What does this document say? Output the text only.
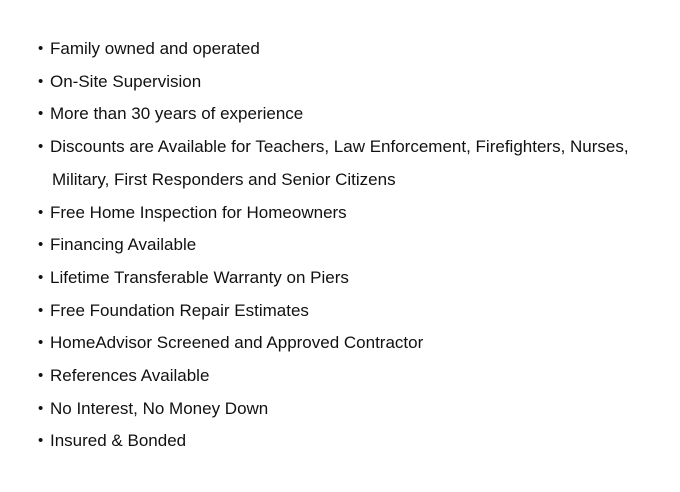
• Family owned and operated
• On-Site Supervision
• More than 30 years of experience
• Discounts are Available for Teachers, Law Enforcement, Firefighters, Nurses,
Military, First Responders and Senior Citizens
• Free Home Inspection for Homeowners
• Financing Available
• Lifetime Transferable Warranty on Piers
• Free Foundation Repair Estimates
• HomeAdvisor Screened and Approved Contractor
• References Available
• No Interest, No Money Down
• Insured & Bonded
